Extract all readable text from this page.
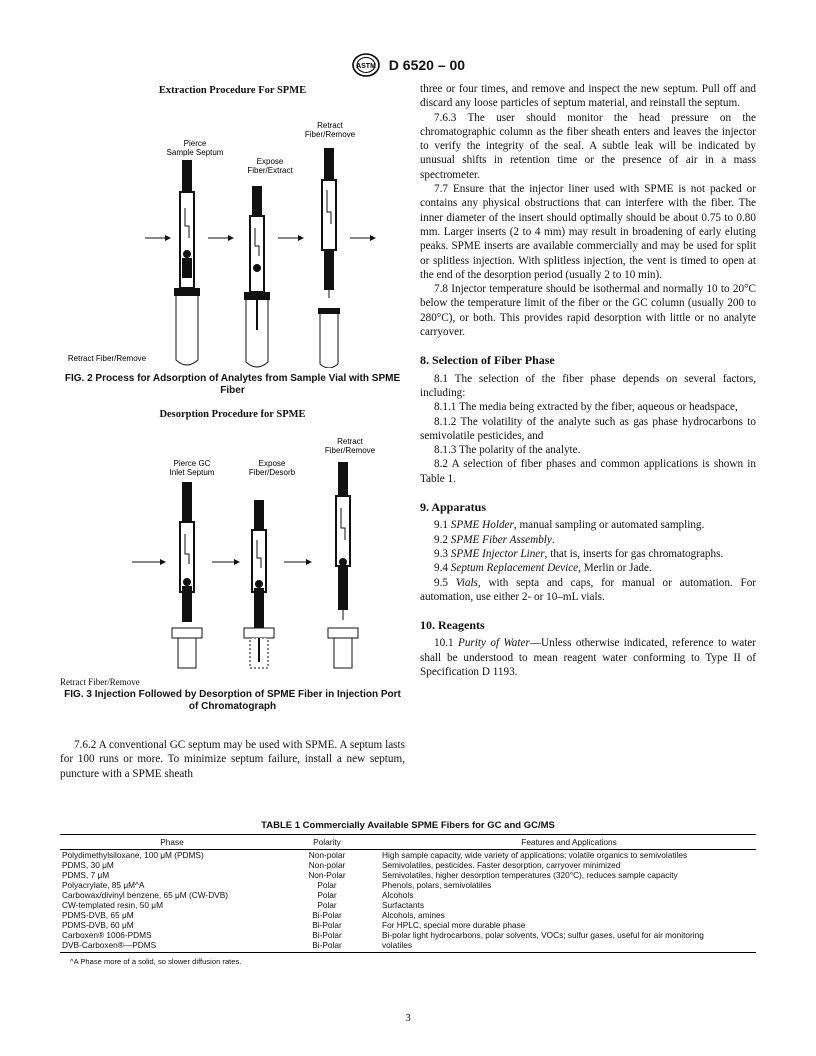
ASTM D 6520 – 00
Extraction Procedure For SPME
Pierce
Sample Septum
Expose
Fiber/Extract
Retract
Fiber/Remove
Retract Fiber/Remove
FIG. 2 Process for Adsorption of Analytes from Sample Vial with SPME Fiber
Desorption Procedure for SPME
Pierce GC
Inlet Septum
Expose
Fiber/Desorb
Retract
Fiber/Remove
Retract Fiber/Remove
FIG. 3 Injection Followed by Desorption of SPME Fiber in Injection Port of Chromatograph

7.6.2 A conventional GC septum may be used with SPME. A septum lasts for 100 runs or more. To minimize septum failure, install a new septum, puncture with a SPME sheath

three or four times, and remove and inspect the new septum. Pull off and discard any loose particles of septum material, and reinstall the septum.

7.6.3 The user should monitor the head pressure on the chromatographic column as the fiber sheath enters and leaves the injector to verify the integrity of the seal. A subtle leak will be indicated by unusual shifts in retention time or the presence of air in a mass spectrometer.

7.7 Ensure that the injector liner used with SPME is not packed or contains any physical obstructions that can interfere with the fiber. The inner diameter of the insert should optimally should be about 0.75 to 0.80 mm. Larger inserts (2 to 4 mm) may result in broadening of early eluting peaks. SPME inserts are available commercially and may be used for split or splitless injection. With splitless injection, the vent is timed to open at the end of the desorption period (usually 2 to 10 min).

7.8 Injector temperature should be isothermal and normally 10 to 20°C below the temperature limit of the fiber or the GC column (usually 200 to 280°C), or both. This provides rapid desorption with little or no analyte carryover.

8. Selection of Fiber Phase

8.1 The selection of the fiber phase depends on several factors, including:

8.1.1 The media being extracted by the fiber, aqueous or headspace,

8.1.2 The volatility of the analyte such as gas phase hydrocarbons to semivolatile pesticides, and

8.1.3 The polarity of the analyte.

8.2 A selection of fiber phases and common applications is shown in Table 1.

9. Apparatus

9.1 SPME Holder, manual sampling or automated sampling.

9.2 SPME Fiber Assembly.

9.3 SPME Injector Liner, that is, inserts for gas chromatographs.

9.4 Septum Replacement Device, Merlin or Jade.

9.5 Vials, with septa and caps, for manual or automation. For automation, use either 2- or 10–mL vials.

10. Reagents

10.1 Purity of Water—Unless otherwise indicated, reference to water shall be understood to mean reagent water conforming to Type II of Specification D 1193.

TABLE 1 Commercially Available SPME Fibers for GC and GC/MS
Phase	Polarity	Features and Applications
Polydimethylsiloxane, 100 μM (PDMS)	Non-polar	High sample capacity, wide variety of applications; volatile organics to semivolatiles
PDMS, 30 μM	Non-polar	Semivolatiles, pesticides. Faster desorption, carryover minimized
PDMS, 7 μM	Non-Polar	Semivolatiles, higher desorption temperatures (320°C), reduces sample capacity
Polyacrylate, 85 μM^A	Polar	Phenols, polars, semivolatiles
Carbowax/divinyl benzene, 65 μM (CW-DVB)	Polar	Alcohols
CW-templated resin, 50 μM	Polar	Surfactants
PDMS-DVB, 65 μM	Bi-Polar	Alcohols, amines
PDMS-DVB, 60 μM	Bi-Polar	For HPLC, special more durable phase
Carboxen® 1006-PDMS	Bi-Polar	Bi-polar light hydrocarbons, polar solvents, VOCs; sulfur gases, useful for air monitoring
DVB-Carboxen®—PDMS	Bi-Polar	volatiles
^A Phase more of a solid, so slower diffusion rates.
3
